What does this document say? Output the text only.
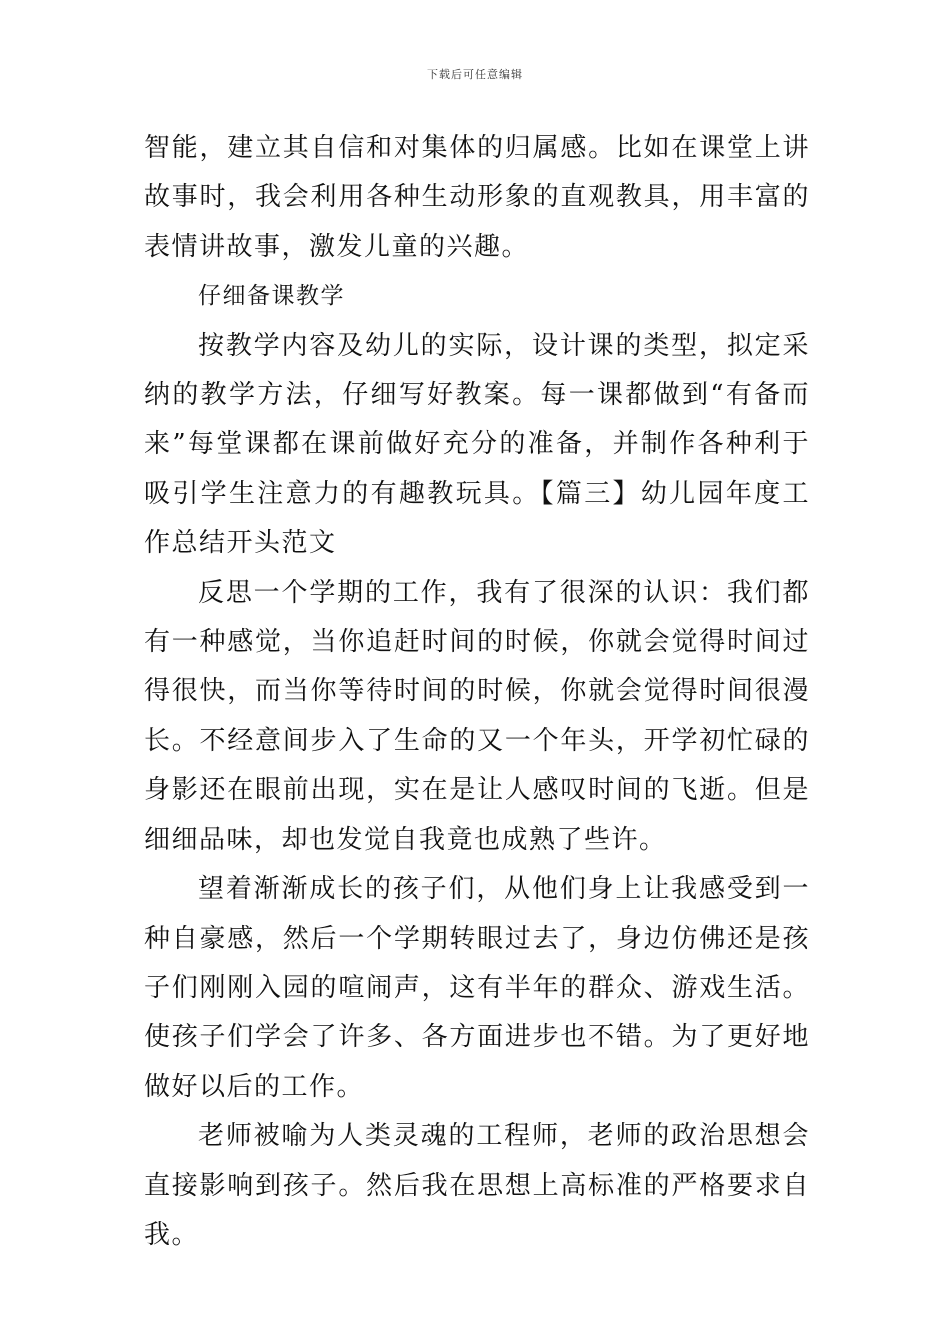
下载后可任意编辑

智能，建立其自信和对集体的归属感。比如在课堂上讲故事时，我会利用各种生动形象的直观教具，用丰富的表情讲故事，激发儿童的兴趣。

仔细备课教学

按教学内容及幼儿的实际，设计课的类型，拟定采纳的教学方法，仔细写好教案。每一课都做到“有备而来”每堂课都在课前做好充分的准备，并制作各种利于吸引学生注意力的有趣教玩具。【篇三】幼儿园年度工作总结开头范文

反思一个学期的工作，我有了很深的认识：我们都有一种感觉，当你追赶时间的时候，你就会觉得时间过得很快，而当你等待时间的时候，你就会觉得时间很漫长。不经意间步入了生命的又一个年头，开学初忙碌的身影还在眼前出现，实在是让人感叹时间的飞逝。但是细细品味，却也发觉自我竟也成熟了些许。

望着渐渐成长的孩子们，从他们身上让我感受到一种自豪感，然后一个学期转眼过去了，身边仿佛还是孩子们刚刚入园的喧闹声，这有半年的群众、游戏生活。使孩子们学会了许多、各方面进步也不错。为了更好地做好以后的工作。

老师被喻为人类灵魂的工程师，老师的政治思想会直接影响到孩子。然后我在思想上高标准的严格要求自我。
